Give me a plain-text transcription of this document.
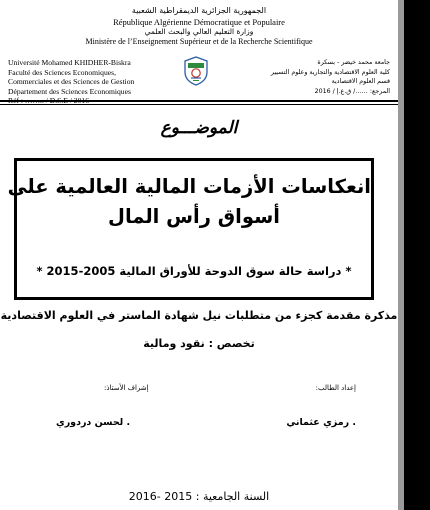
الجمهورية الجزائرية الديمقراطية الشعبية
République Algérienne Démocratique et Populaire
وزارة التعليم العالي والبحث العلمي
Ministère de l’Enseignement Supérieur et de la Recherche Scientifique
Université Mohamed KHIDHER-Biskra
Faculté des Sciences Economiques,
Commerciales et des Sciences de Gestion
Département des Sciences Economiques
جامعة محمد خيضر - بسكرة
كلية العلوم الاقتصادية والتجارية وعلوم التسيير
قسم العلوم الاقتصادية
المرجع: ……/ ق.ع.إ / 2016
الموضـــوع
انعكاسات الأزمات المالية العالمية على
أسواق رأس المال
* دراسة حالة سوق الدوحة للأوراق المالية 2005-2015 *
مذكرة مقدمة كجزء من متطلبات نيل شهادة الماستر في العلوم الاقتصادية
تخصص : نقود ومالية
إعداد الطالب:
إشراف الأستاذ:
. رمزي عثماني
. لحسن دردوري
السنة الجامعية : 2015 -2016
